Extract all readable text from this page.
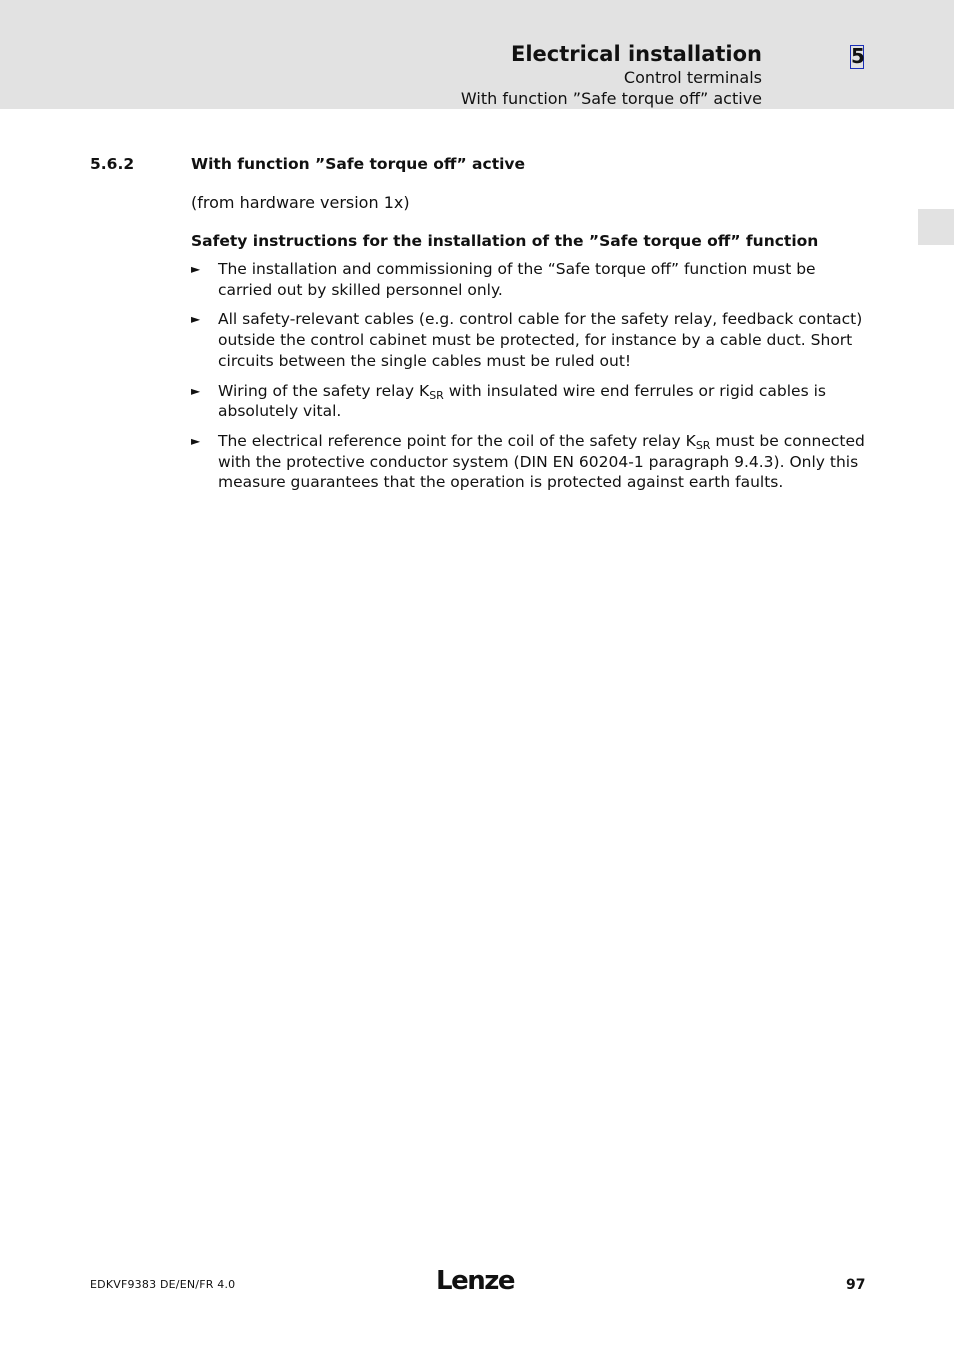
Electrical installation
Control terminals
With function ”Safe torque off” active
5
5.6.2	With function ”Safe torque off” active
(from hardware version 1x)
Safety instructions for the installation of the ”Safe torque off” function
► The installation and commissioning of the “Safe torque off” function must be
carried out by skilled personnel only.
► All safety-relevant cables (e.g. control cable for the safety relay, feedback contact)
outside the control cabinet must be protected, for instance by a cable duct. Short
circuits between the single cables must be ruled out!
► Wiring of the safety relay $K_{SR}$ with insulated wire end ferrules or rigid cables is
absolutely vital.
► The electrical reference point for the coil of the safety relay $K_{SR}$ must be connected
with the protective conductor system (DIN EN 60204-1 paragraph 9.4.3). Only this
measure guarantees that the operation is protected against earth faults.
EDKVF9383 DE/EN/FR 4.0	Lenze	97
